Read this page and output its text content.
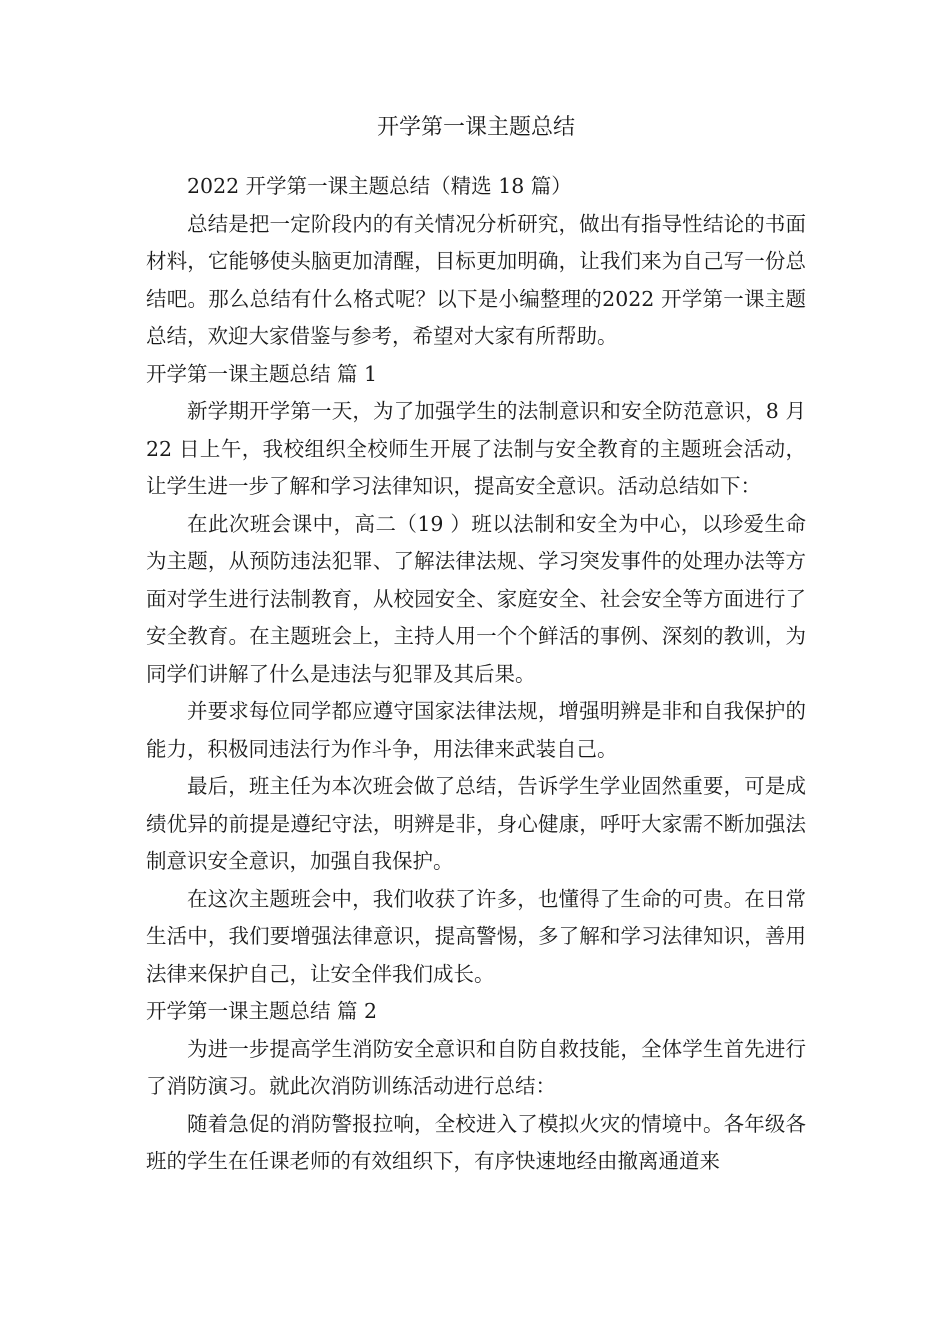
开学第一课主题总结

2022 开学第一课主题总结（精选 18 篇）

总结是把一定阶段内的有关情况分析研究，做出有指导性结论的书面材料，它能够使头脑更加清醒，目标更加明确，让我们来为自己写一份总结吧。那么总结有什么格式呢？以下是小编整理的2022 开学第一课主题总结，欢迎大家借鉴与参考，希望对大家有所帮助。

开学第一课主题总结 篇 1

新学期开学第一天，为了加强学生的法制意识和安全防范意识，8 月 22 日上午，我校组织全校师生开展了法制与安全教育的主题班会活动，让学生进一步了解和学习法律知识，提高安全意识。活动总结如下：

在此次班会课中，高二（19 ）班以法制和安全为中心，以珍爱生命为主题，从预防违法犯罪、了解法律法规、学习突发事件的处理办法等方面对学生进行法制教育，从校园安全、家庭安全、社会安全等方面进行了安全教育。在主题班会上，主持人用一个个鲜活的事例、深刻的教训，为同学们讲解了什么是违法与犯罪及其后果。

并要求每位同学都应遵守国家法律法规，增强明辨是非和自我保护的能力，积极同违法行为作斗争，用法律来武装自己。

最后，班主任为本次班会做了总结，告诉学生学业固然重要，可是成绩优异的前提是遵纪守法，明辨是非，身心健康，呼吁大家需不断加强法制意识安全意识，加强自我保护。

在这次主题班会中，我们收获了许多，也懂得了生命的可贵。在日常生活中，我们要增强法律意识，提高警惕，多了解和学习法律知识，善用法律来保护自己，让安全伴我们成长。

开学第一课主题总结 篇 2

为进一步提高学生消防安全意识和自防自救技能，全体学生首先进行了消防演习。就此次消防训练活动进行总结：

随着急促的消防警报拉响，全校进入了模拟火灾的情境中。各年级各班的学生在任课老师的有效组织下，有序快速地经由撤离通道来
